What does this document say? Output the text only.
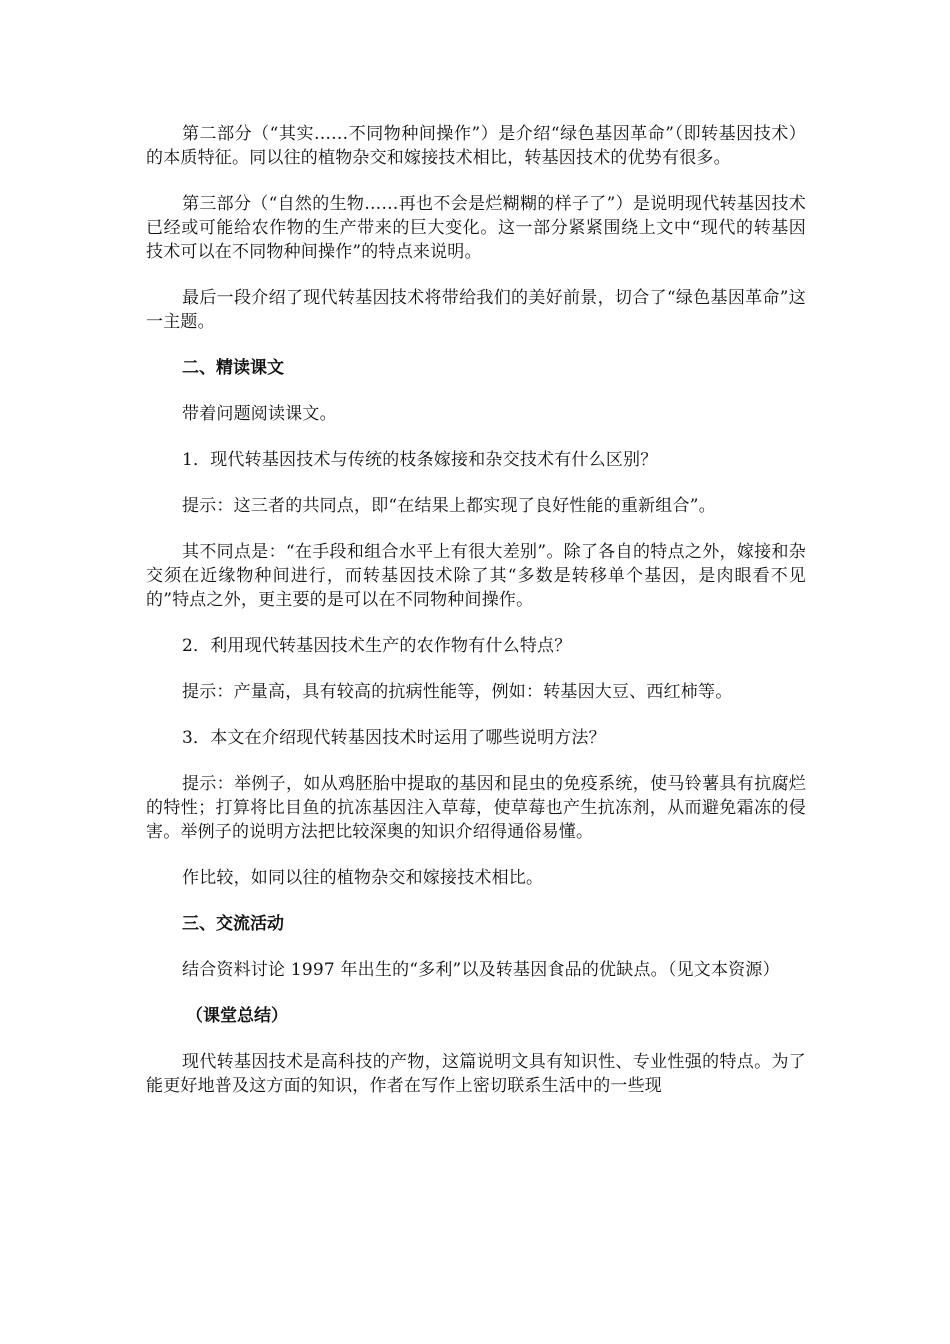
第二部分（“其实……不同物种间操作”）是介绍“绿色基因革命”（即转基因技术）的本质特征。同以往的植物杂交和嫁接技术相比，转基因技术的优势有很多。

第三部分（“自然的生物……再也不会是烂糊糊的样子了”）是说明现代转基因技术已经或可能给农作物的生产带来的巨大变化。这一部分紧紧围绕上文中“现代的转基因技术可以在不同物种间操作”的特点来说明。

最后一段介绍了现代转基因技术将带给我们的美好前景，切合了“绿色基因革命”这一主题。

二、精读课文

带着问题阅读课文。

1．现代转基因技术与传统的枝条嫁接和杂交技术有什么区别？

提示：这三者的共同点，即“在结果上都实现了良好性能的重新组合”。

其不同点是：“在手段和组合水平上有很大差别”。除了各自的特点之外，嫁接和杂交须在近缘物种间进行，而转基因技术除了其“多数是转移单个基因，是肉眼看不见的”特点之外，更主要的是可以在不同物种间操作。

2．利用现代转基因技术生产的农作物有什么特点？

提示：产量高，具有较高的抗病性能等，例如：转基因大豆、西红柿等。

3．本文在介绍现代转基因技术时运用了哪些说明方法？

提示：举例子，如从鸡胚胎中提取的基因和昆虫的免疫系统，使马铃薯具有抗腐烂的特性；打算将比目鱼的抗冻基因注入草莓，使草莓也产生抗冻剂，从而避免霜冻的侵害。举例子的说明方法把比较深奥的知识介绍得通俗易懂。

作比较，如同以往的植物杂交和嫁接技术相比。

三、交流活动

结合资料讨论 1997 年出生的“多利”以及转基因食品的优缺点。（见文本资源）

（课堂总结）

现代转基因技术是高科技的产物，这篇说明文具有知识性、专业性强的特点。为了能更好地普及这方面的知识，作者在写作上密切联系生活中的一些现
